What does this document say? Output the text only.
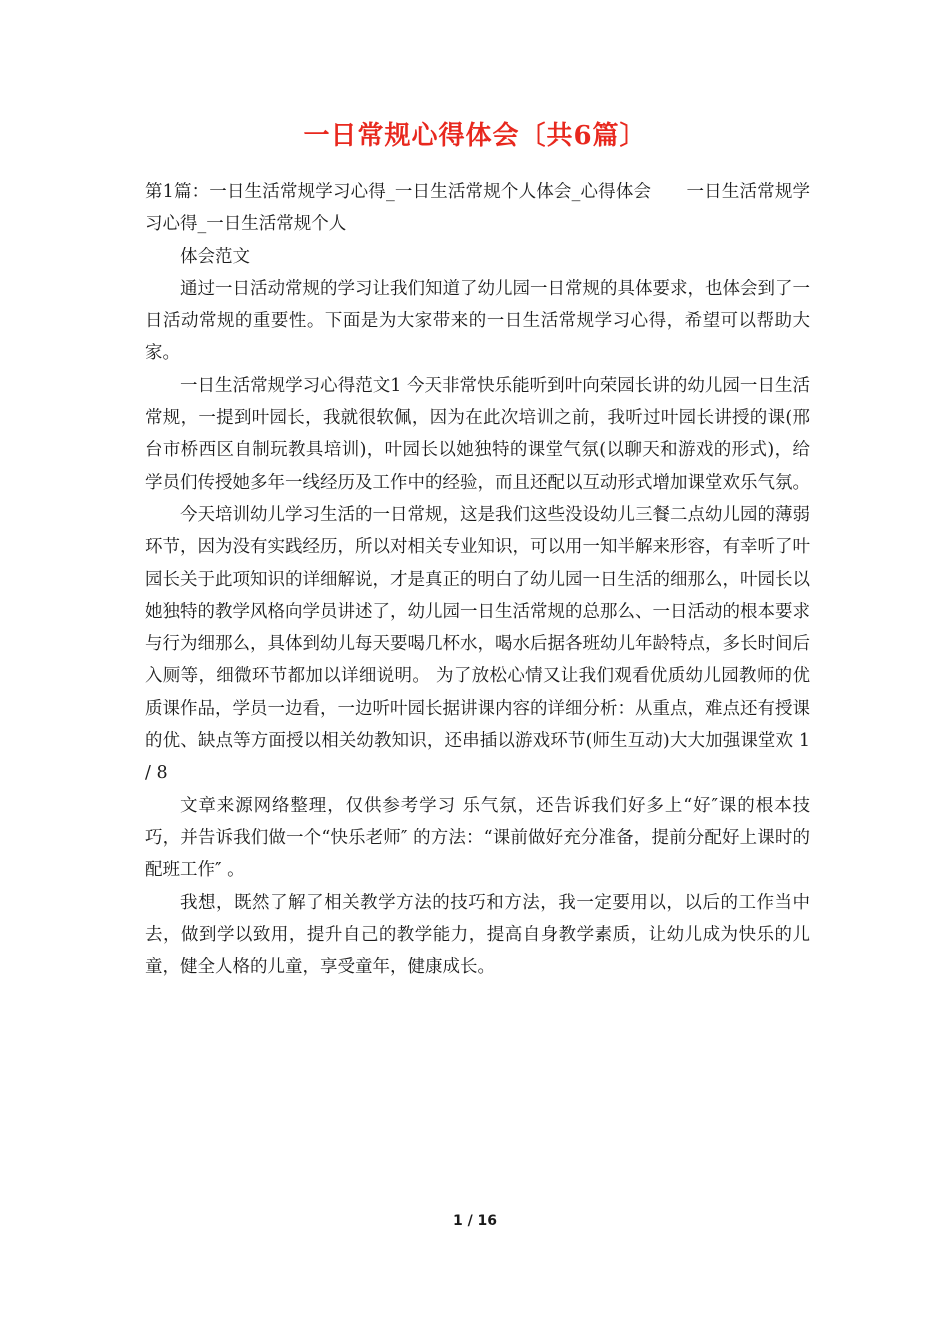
一日常规心得体会〔共6篇〕

第1篇：一日生活常规学习心得_一日生活常规个人体会_心得体会　　一日生活常规学习心得_一日生活常规个人

体会范文

通过一日活动常规的学习让我们知道了幼儿园一日常规的具体要求，也体会到了一日活动常规的重要性。下面是为大家带来的一日生活常规学习心得，希望可以帮助大家。

一日生活常规学习心得范文1 今天非常快乐能听到叶向荣园长讲的幼儿园一日生活常规，一提到叶园长，我就很软佩，因为在此次培训之前，我听过叶园长讲授的课(邢台市桥西区自制玩教具培训)，叶园长以她独特的课堂气氛(以聊天和游戏的形式)，给学员们传授她多年一线经历及工作中的经验，而且还配以互动形式增加课堂欢乐气氛。

今天培训幼儿学习生活的一日常规，这是我们这些没设幼儿三餐二点幼儿园的薄弱环节，因为没有实践经历，所以对相关专业知识，可以用一知半解来形容，有幸听了叶园长关于此项知识的详细解说，才是真正的明白了幼儿园一日生活的细那么，叶园长以她独特的教学风格向学员讲述了，幼儿园一日生活常规的总那么、一日活动的根本要求与行为细那么，具体到幼儿每天要喝几杯水，喝水后据各班幼儿年龄特点，多长时间后入厕等，细微环节都加以详细说明。 为了放松心情又让我们观看优质幼儿园教师的优质课作品，学员一边看，一边听叶园长据讲课内容的详细分析：从重点，难点还有授课的优、缺点等方面授以相关幼教知识，还串插以游戏环节(师生互动)大大加强课堂欢 1 / 8

文章来源网络整理，仅供参考学习 乐气氛，还告诉我们好多上“好″课的根本技巧，并告诉我们做一个“快乐老师″ 的方法：“课前做好充分准备，提前分配好上课时的配班工作″ 。

我想，既然了解了相关教学方法的技巧和方法，我一定要用以，以后的工作当中去，做到学以致用，提升自己的教学能力，提高自身教学素质，让幼儿成为快乐的儿童，健全人格的儿童，享受童年，健康成长。

1 / 16
